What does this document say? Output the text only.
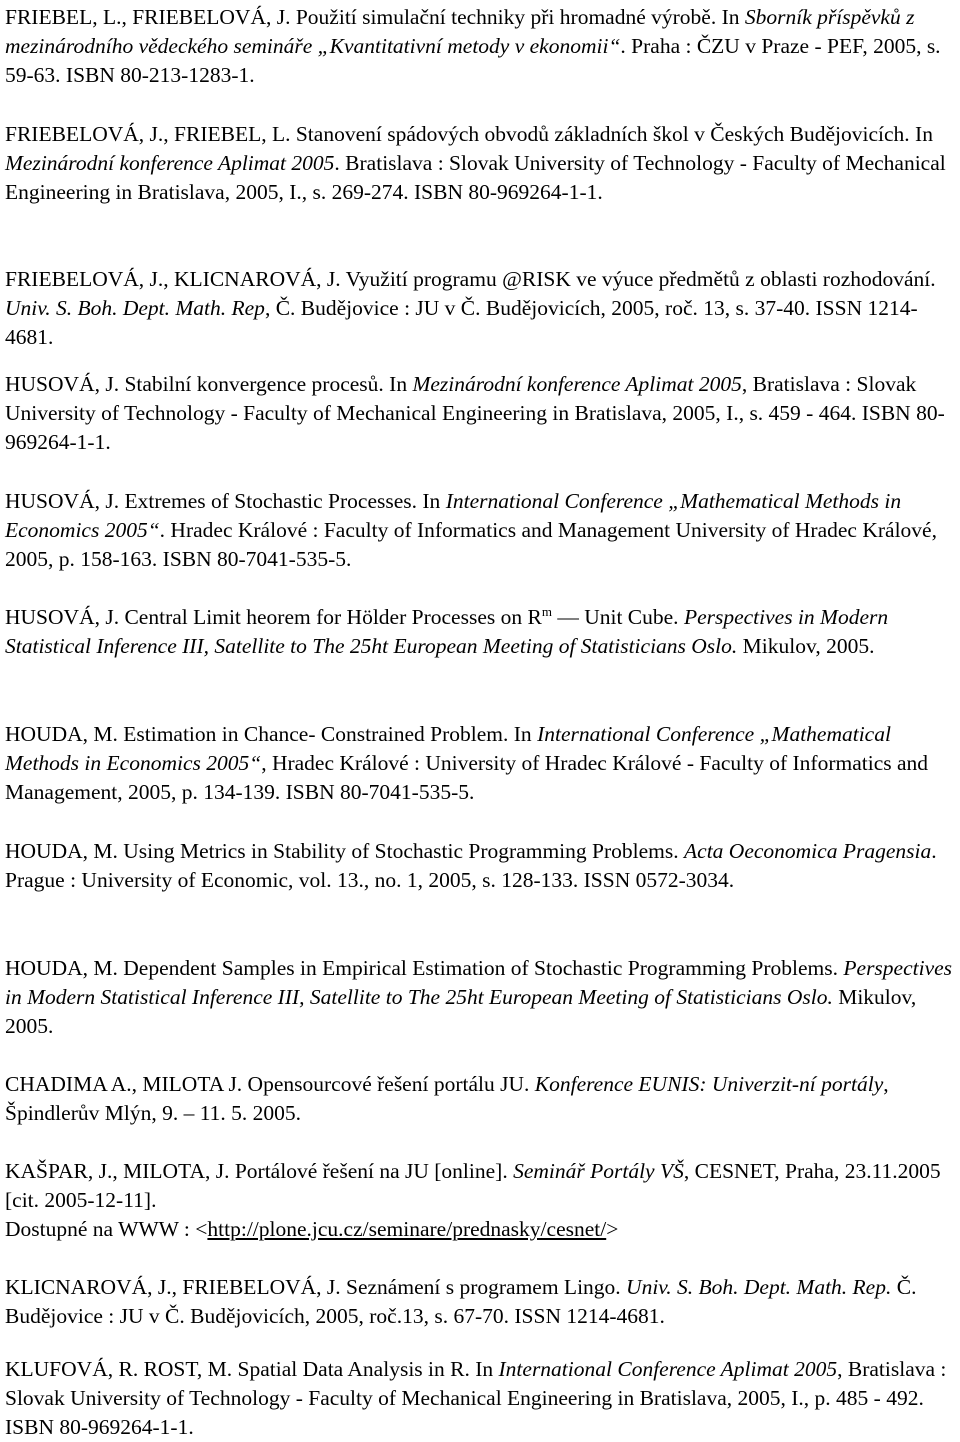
FRIEBEL, L., FRIEBELOVÁ, J. Použití simulační techniky při hromadné výrobě. In Sborník příspěvků z mezinárodního vědeckého semináře „Kvantitativní metody v ekonomii“. Praha : ČZU v Praze - PEF, 2005, s. 59-63. ISBN 80-213-1283-1.

FRIEBELOVÁ, J., FRIEBEL, L. Stanovení spádových obvodů základních škol v Českých Budějovicích. In Mezinárodní konference Aplimat 2005. Bratislava : Slovak University of Technology - Faculty of Mechanical Engineering in Bratislava, 2005, I., s. 269-274. ISBN 80-969264-1-1.

FRIEBELOVÁ, J., KLICNAROVÁ, J. Využití programu @RISK ve výuce předmětů z oblasti rozhodování. Univ. S. Boh. Dept. Math. Rep, Č. Budějovice : JU v Č. Budějovicích, 2005, roč. 13, s. 37-40. ISSN 1214-4681.

HUSOVÁ, J. Stabilní konvergence procesů. In Mezinárodní konference Aplimat 2005, Bratislava : Slovak University of Technology - Faculty of Mechanical Engineering in Bratislava, 2005, I., s. 459 - 464. ISBN 80-969264-1-1.

HUSOVÁ, J. Extremes of Stochastic Processes. In International Conference „Mathematical Methods in Economics 2005“. Hradec Králové : Faculty of Informatics and Management University of Hradec Králové, 2005, p. 158-163. ISBN 80-7041-535-5.

HUSOVÁ, J. Central Limit heorem for Hölder Processes on $R^m$ — Unit Cube. Perspectives in Modern Statistical Inference III, Satellite to The 25ht European Meeting of Statisticians Oslo. Mikulov, 2005.

HOUDA, M. Estimation in Chance- Constrained Problem. In International Conference „Mathematical Methods in Economics 2005“, Hradec Králové : University of Hradec Králové - Faculty of Informatics and Management, 2005, p. 134-139. ISBN 80-7041-535-5.

HOUDA, M. Using Metrics in Stability of Stochastic Programming Problems. Acta Oeconomica Pragensia. Prague : University of Economic, vol. 13., no. 1, 2005, s. 128-133. ISSN 0572-3034.

HOUDA, M. Dependent Samples in Empirical Estimation of Stochastic Programming Problems. Perspectives in Modern Statistical Inference III, Satellite to The 25ht European Meeting of Statisticians Oslo. Mikulov, 2005.

CHADIMA A., MILOTA J. Opensourcové řešení portálu JU. Konference EUNIS: Univerzit-ní portály, Špindlerův Mlýn, 9. – 11. 5. 2005.

KAŠPAR, J., MILOTA, J. Portálové řešení na JU [online]. Seminář Portály VŠ, CESNET, Praha, 23.11.2005 [cit. 2005-12-11].
Dostupné na WWW : <http://plone.jcu.cz/seminare/prednasky/cesnet/>

KLICNAROVÁ, J., FRIEBELOVÁ, J. Seznámení s programem Lingo. Univ. S. Boh. Dept. Math. Rep. Č. Budějovice : JU v Č. Budějovicích, 2005, roč.13, s. 67-70. ISSN 1214-4681.

KLUFOVÁ, R. ROST, M. Spatial Data Analysis in R. In International Conference Aplimat 2005, Bratislava : Slovak University of Technology - Faculty of Mechanical Engineering in Bratislava, 2005, I., p. 485 - 492. ISBN 80-969264-1-1.
